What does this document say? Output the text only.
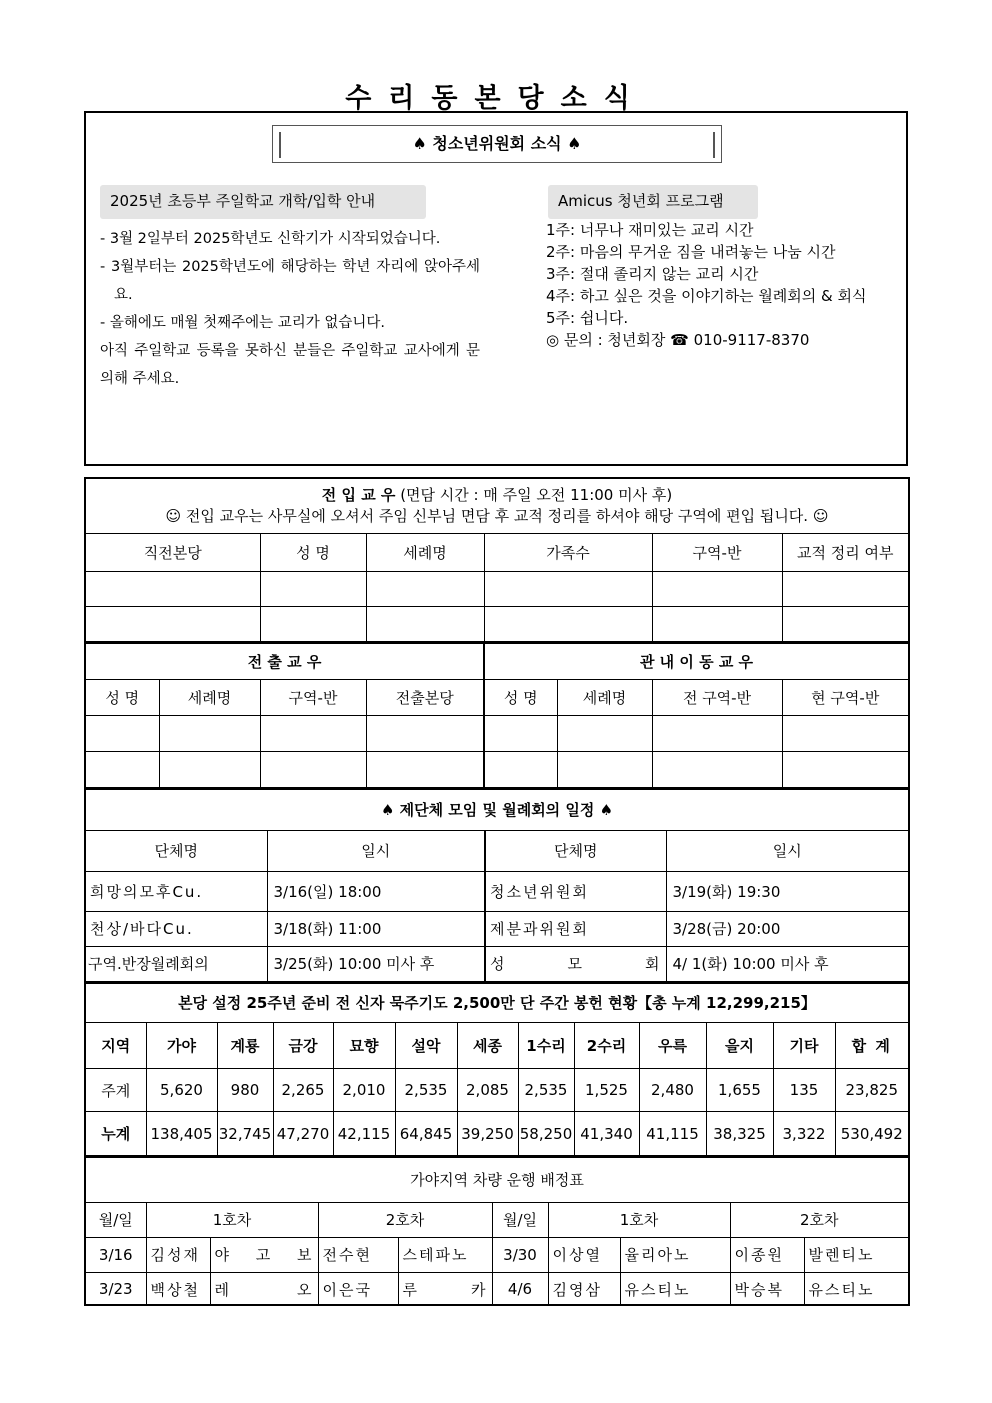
수리동본당소식
♠ 청소년위원회 소식 ♠
2025년 초등부 주일학교 개학/입학 안내
- 3월 2일부터 2025학년도 신학기가 시작되었습니다.
- 3월부터는 2025학년도에 해당하는 학년 자리에 앉아주세요.
- 올해에도 매월 첫째주에는 교리가 없습니다.
아직 주일학교 등록을 못하신 분들은 주일학교 교사에게 문의해 주세요.
Amicus 청년회 프로그램
1주: 너무나 재미있는 교리 시간
2주: 마음의 무거운 짐을 내려놓는 나눔 시간
3주: 절대 졸리지 않는 교리 시간
4주: 하고 싶은 것을 이야기하는 월례회의 & 회식
5주: 쉽니다.
◎ 문의 : 청년회장 ☎ 010-9117-8370
전 입 교 우 (면담 시간 : 매 주일 오전 11:00 미사 후)
☺ 전입 교우는 사무실에 오셔서 주임 신부님 면담 후 교적 정리를 하셔야 해당 구역에 편입 됩니다. ☺					
직전본당	성 명	세례명	가족수	구역-반	교적 정리 여부

전 출 교 우				관 내 이 동 교 우			
성 명	세례명	구역-반	전출본당	성 명	세례명	전 구역-반	현 구역-반

♠ 제단체 모임 및 월례회의 일정 ♠			
단체명	일시	단체명	일시
희망의모후Cu.	3/16(일) 18:00	청소년위원회	3/19(화) 19:30
천상/바다Cu.	3/18(화) 11:00	제분과위원회	3/28(금) 20:00
구역.반장월례회의	3/25(화) 10:00 미사 후	성 모 회	4/ 1(화) 10:00 미사 후
본당 설정 25주년 준비 전 신자 묵주기도 2,500만 단 주간 봉헌 현황【총 누계 12,299,215】												
지역	가야	계룡	금강	묘향	설악	세종	1수리	2수리	우륵	을지	기타	합 계
주계	5,620	980	2,265	2,010	2,535	2,085	2,535	1,525	2,480	1,655	135	23,825
누계	138,405	32,745	47,270	42,115	64,845	39,250	58,250	41,340	41,115	38,325	3,322	530,492
가야지역 차량 운행 배정표									
월/일	1호차		2호차		월/일	1호차		2호차	
3/16	김성재	야 고 보	전수현	스테파노	3/30	이상열	율리아노	이종원	발렌티노
3/23	백상철	레 오	이은국	루 카	4/6	김영삼	유스티노	박승복	유스티노
